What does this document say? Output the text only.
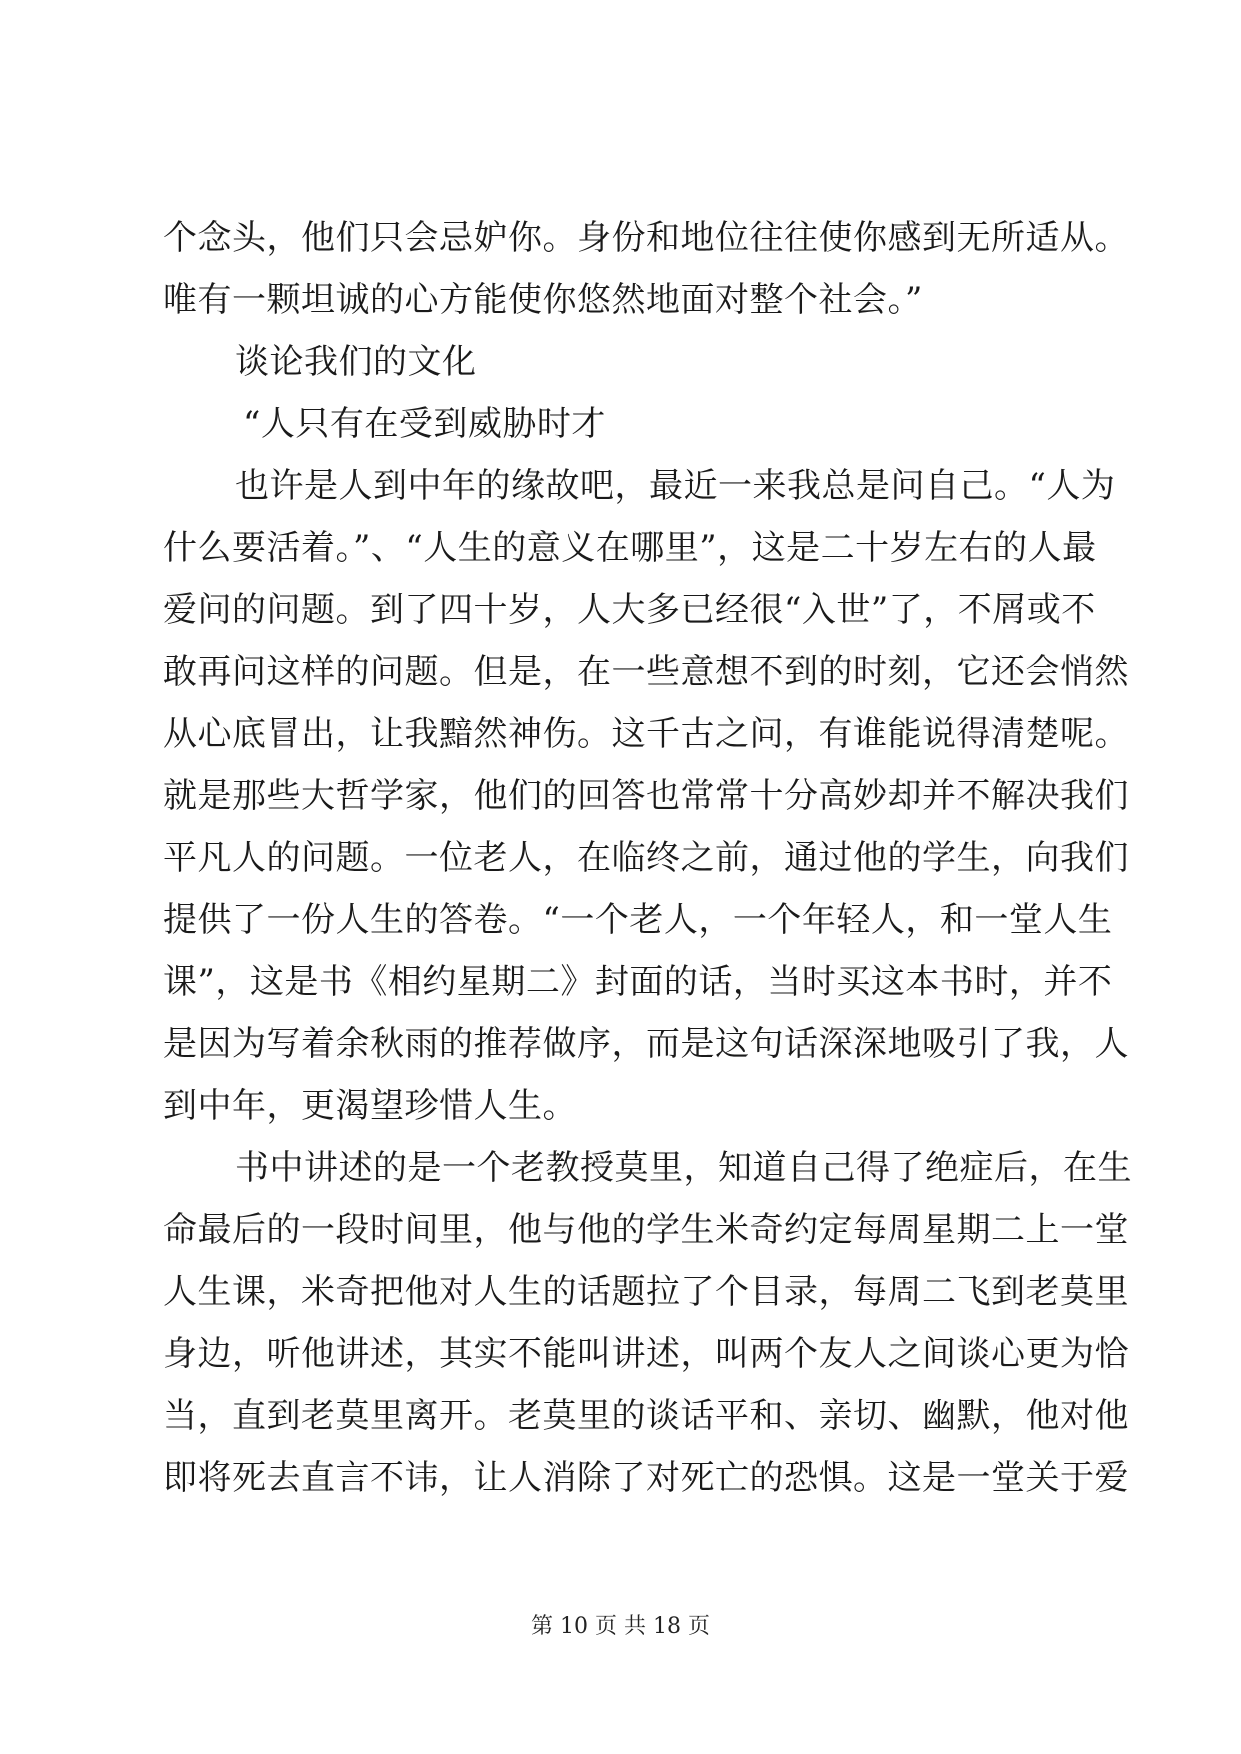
个念头，他们只会忌妒你。身份和地位往往使你感到无所适从。
唯有一颗坦诚的心方能使你悠然地面对整个社会。”
谈论我们的文化
“人只有在受到威胁时才
也许是人到中年的缘故吧，最近一来我总是问自己。“人为
什么要活着。”、“人生的意义在哪里”，这是二十岁左右的人最
爱问的问题。到了四十岁，人大多已经很“入世”了，不屑或不
敢再问这样的问题。但是，在一些意想不到的时刻，它还会悄然
从心底冒出，让我黯然神伤。这千古之问，有谁能说得清楚呢。
就是那些大哲学家，他们的回答也常常十分高妙却并不解决我们
平凡人的问题。一位老人，在临终之前，通过他的学生，向我们
提供了一份人生的答卷。“一个老人，一个年轻人，和一堂人生
课”，这是书《相约星期二》封面的话，当时买这本书时，并不
是因为写着余秋雨的推荐做序，而是这句话深深地吸引了我，人
到中年，更渴望珍惜人生。
书中讲述的是一个老教授莫里，知道自己得了绝症后，在生
命最后的一段时间里，他与他的学生米奇约定每周星期二上一堂
人生课，米奇把他对人生的话题拉了个目录，每周二飞到老莫里
身边，听他讲述，其实不能叫讲述，叫两个友人之间谈心更为恰
当，直到老莫里离开。老莫里的谈话平和、亲切、幽默，他对他
即将死去直言不讳，让人消除了对死亡的恐惧。这是一堂关于爱
第 10 页 共 18 页
